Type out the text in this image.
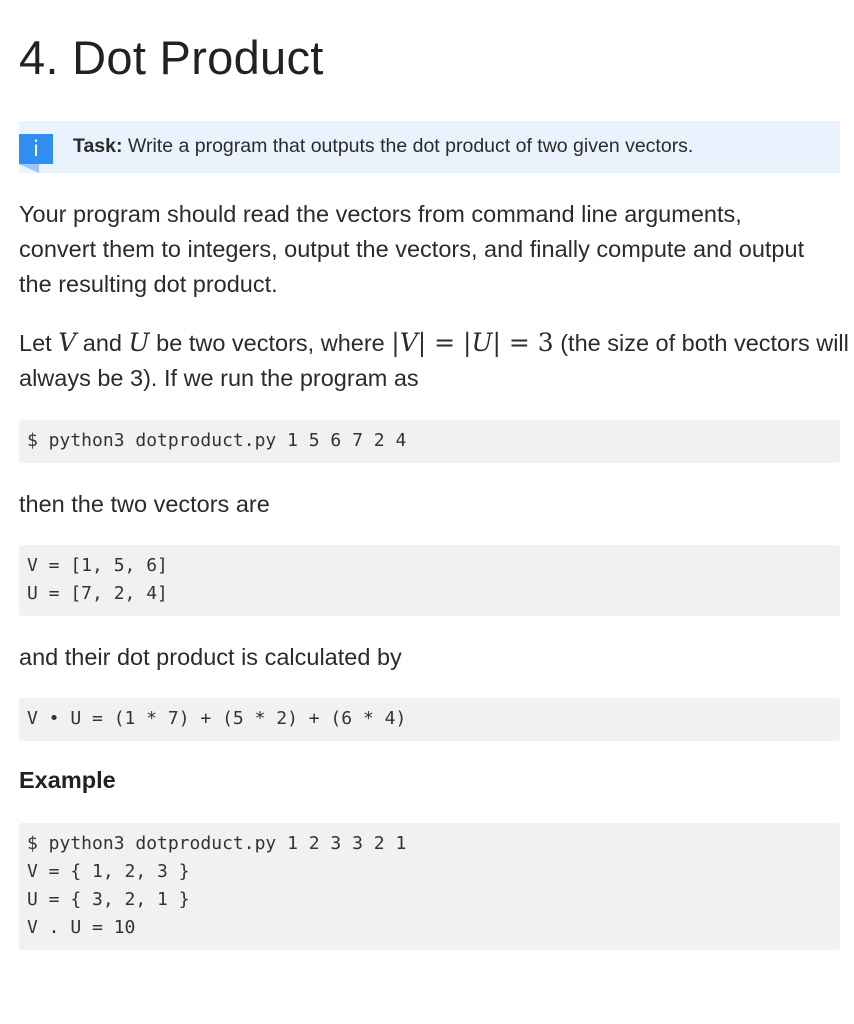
4. Dot Product
i	Task: Write a program that outputs the dot product of two given vectors.

Your program should read the vectors from command line arguments, convert them to integers, output the vectors, and finally compute and output the resulting dot product.

Let V and U be two vectors, where |V| = |U| = 3 (the size of both vectors will always be 3). If we run the program as

$ python3 dotproduct.py 1 5 6 7 2 4

then the two vectors are

V = [1, 5, 6]
U = [7, 2, 4]

and their dot product is calculated by

V • U = (1 * 7) + (5 * 2) + (6 * 4)
Example
$ python3 dotproduct.py 1 2 3 3 2 1
V = { 1, 2, 3 }
U = { 3, 2, 1 }
V . U = 10
